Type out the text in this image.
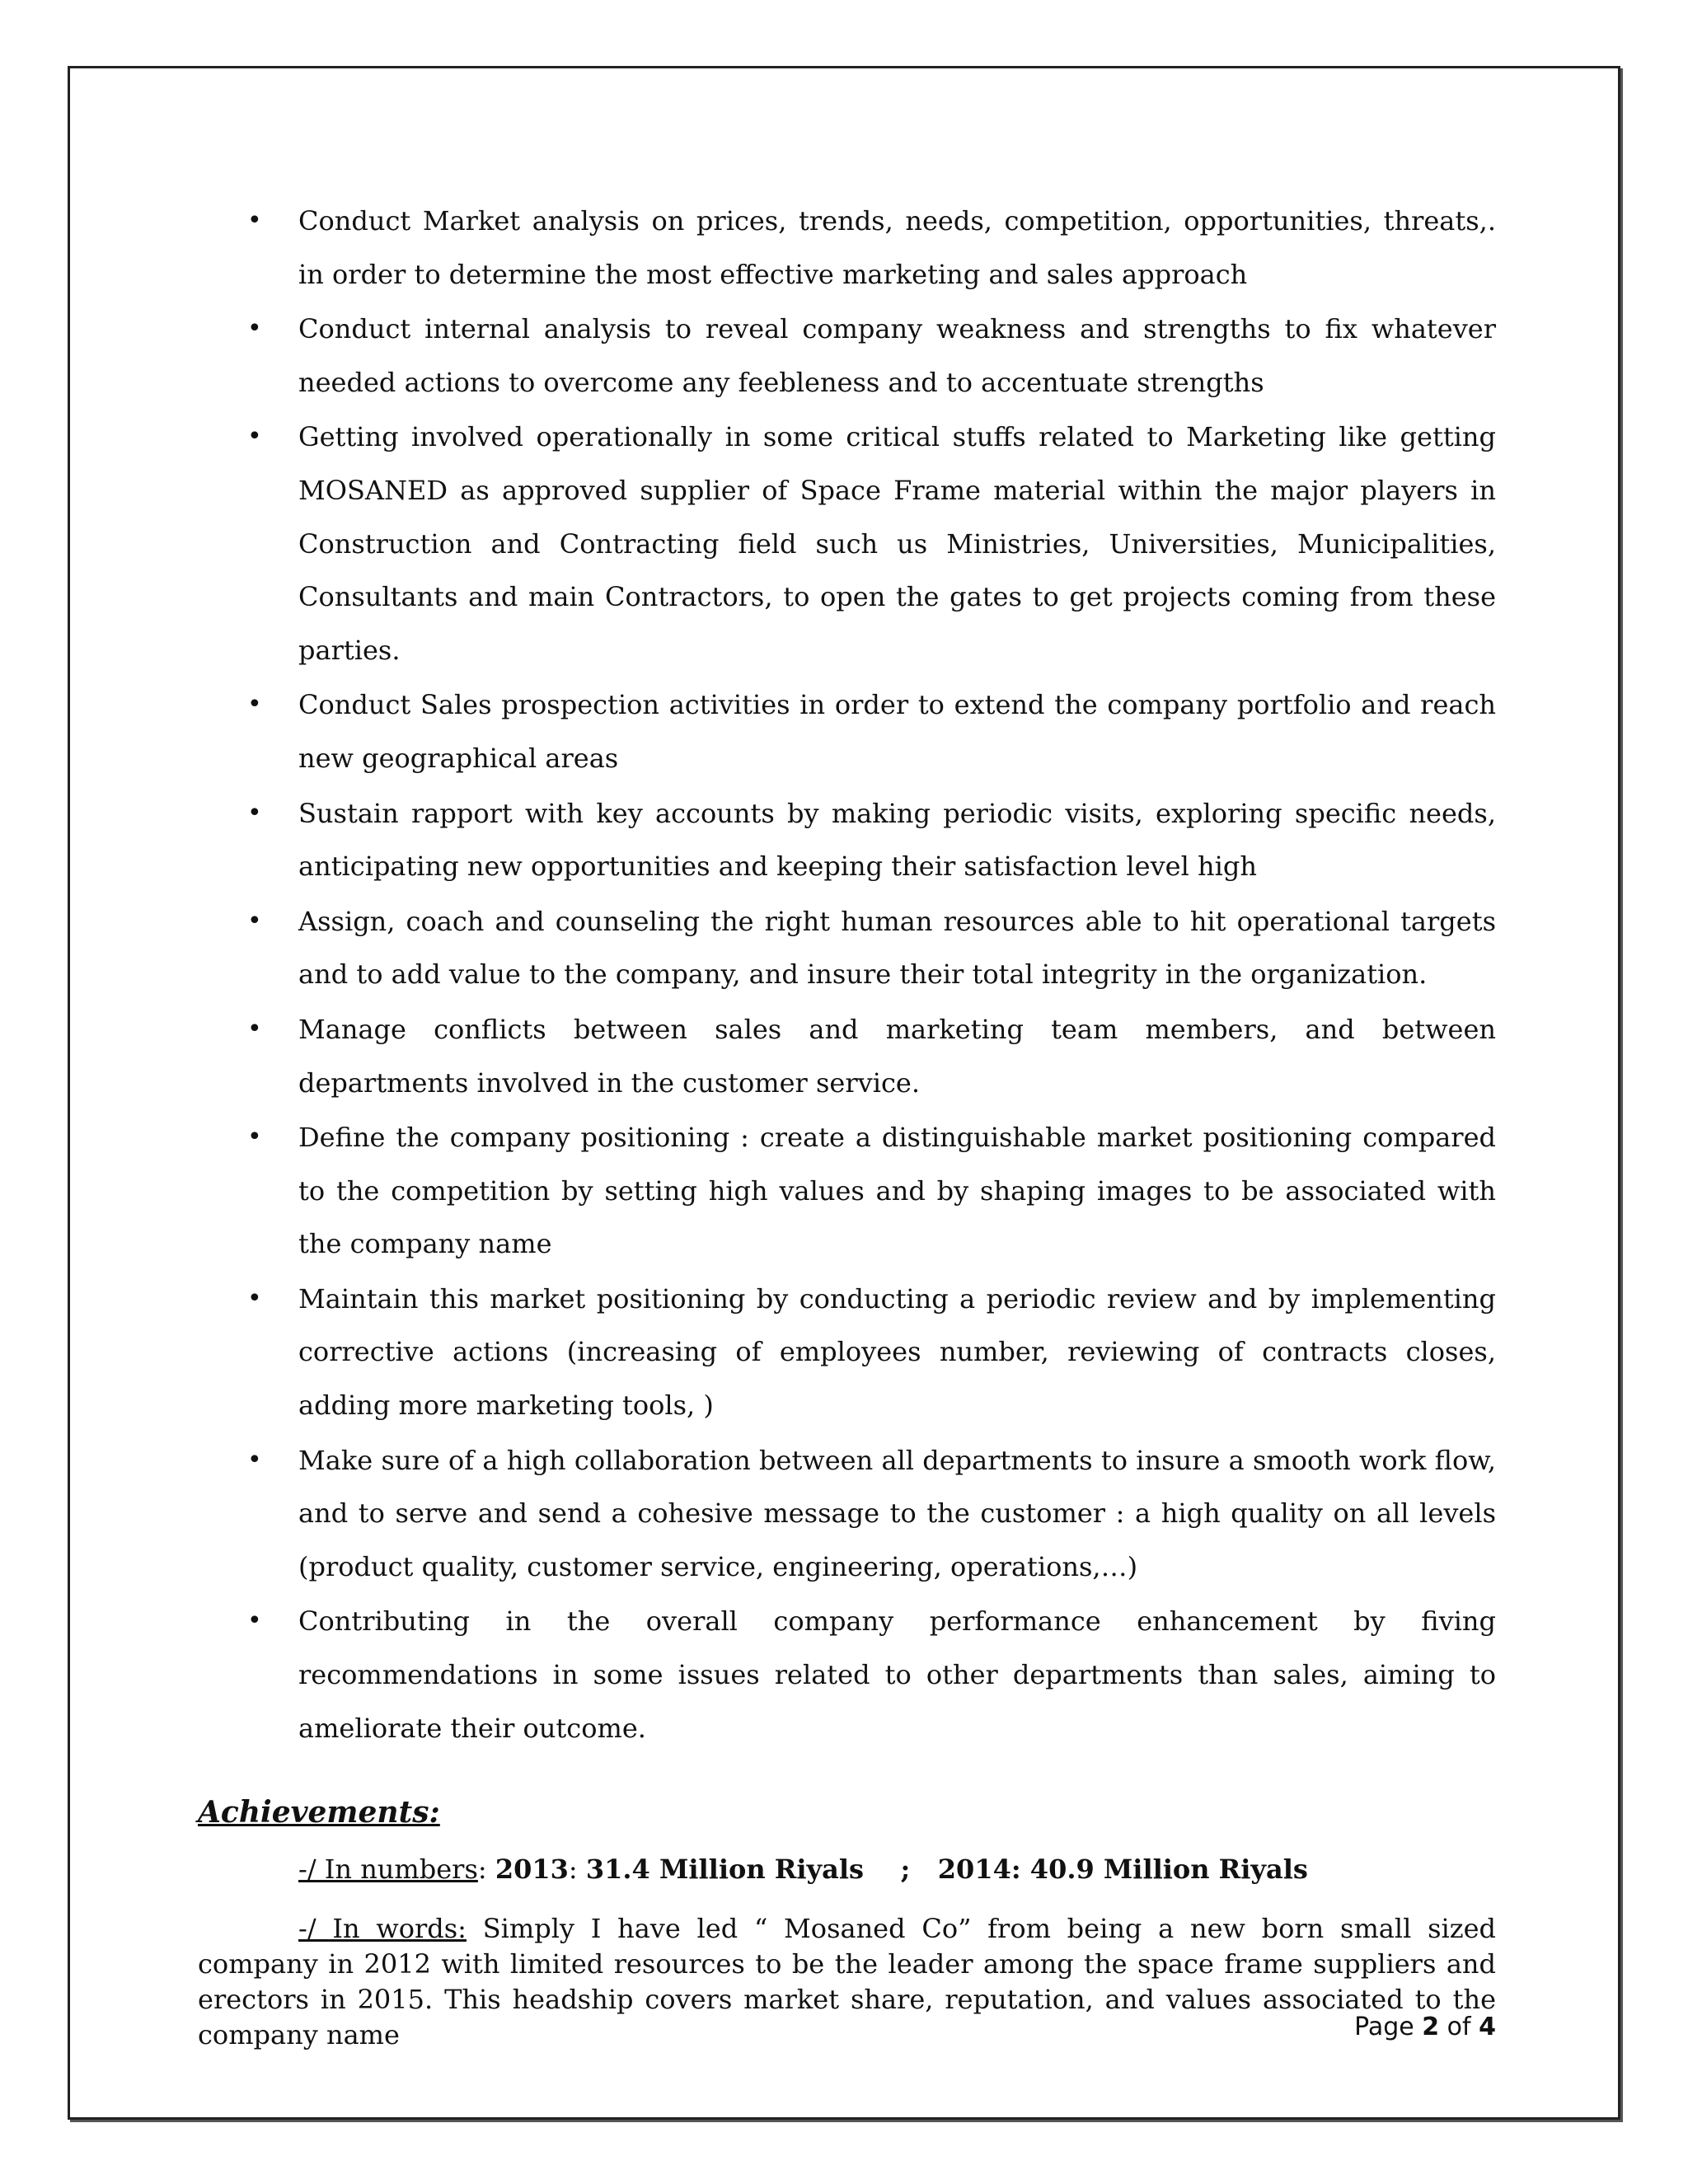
• Conduct Market analysis on prices, trends, needs, competition, opportunities, threats,. in order to determine the most effective marketing and sales approach
• Conduct internal analysis to reveal company weakness and strengths to fix whatever needed actions to overcome any feebleness and to accentuate strengths
• Getting involved operationally in some critical stuffs related to Marketing like getting MOSANED as approved supplier of Space Frame material within the major players in Construction and Contracting field such us Ministries, Universities, Municipalities, Consultants and main Contractors, to open the gates to get projects coming from these parties.
• Conduct Sales prospection activities in order to extend the company portfolio and reach new geographical areas
• Sustain rapport with key accounts by making periodic visits, exploring specific needs, anticipating new opportunities and keeping their satisfaction level high
• Assign, coach and counseling the right human resources able to hit operational targets and to add value to the company, and insure their total integrity in the organization.
• Manage conflicts between sales and marketing team members, and between departments involved in the customer service.
• Define the company positioning : create a distinguishable market positioning compared to the competition by setting high values and by shaping images to be associated with the company name
• Maintain this market positioning by conducting a periodic review and by implementing corrective actions (increasing of employees number, reviewing of contracts closes, adding more marketing tools, )
• Make sure of a high collaboration between all departments to insure a smooth work flow, and to serve and send a cohesive message to the customer : a high quality on all levels (product quality, customer service, engineering, operations,…)
• Contributing in the overall company performance enhancement by fiving recommendations in some issues related to other departments than sales, aiming to ameliorate their outcome.
Achievements:
-/ In numbers: 2013: 31.4 Million Riyals    ;   2014: 40.9 Million Riyals
-/ In words: Simply I have led “ Mosaned Co” from being a new born small sized company in 2012 with limited resources to be the leader among the space frame suppliers and erectors in 2015. This headship covers market share, reputation, and values associated to the company name	Page 2 of 4
